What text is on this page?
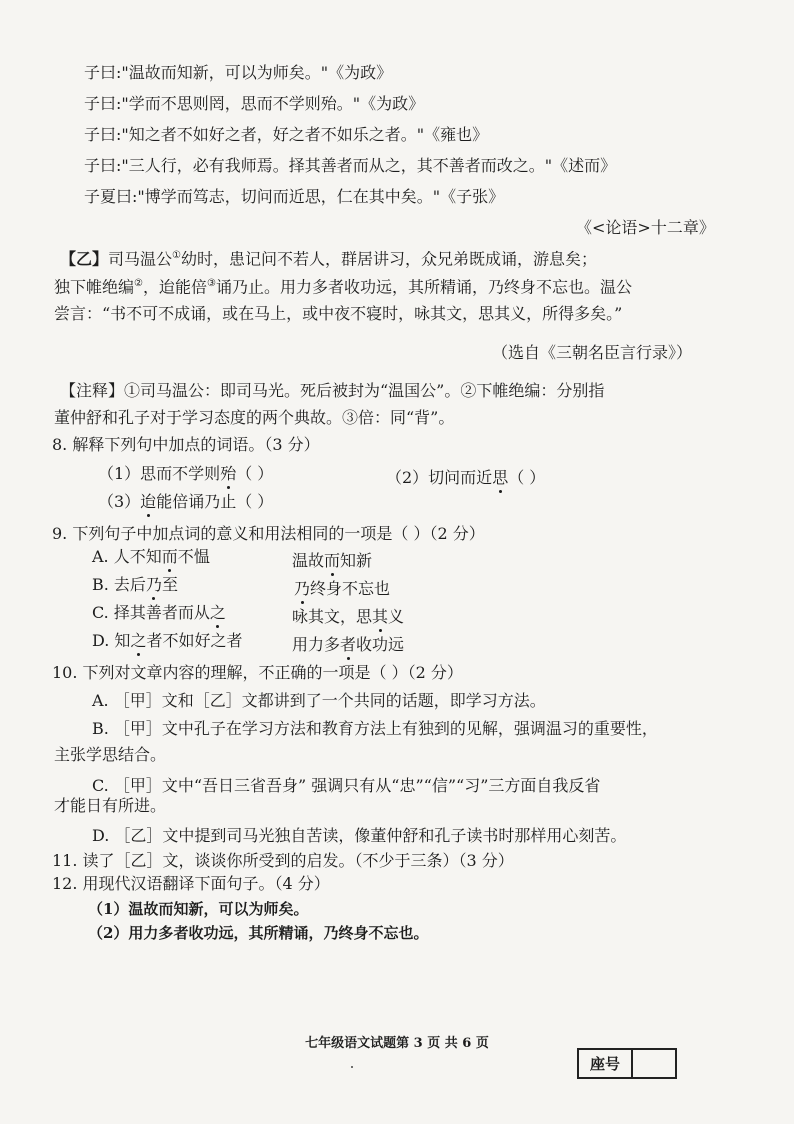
子曰:"温故而知新，可以为师矣。"《为政》
子曰:"学而不思则罔，思而不学则殆。"《为政》
子曰:"知之者不如好之者，好之者不如乐之者。"《雍也》
子曰:"三人行，必有我师焉。择其善者而从之，其不善者而改之。"《述而》
子夏曰:"博学而笃志，切问而近思，仁在其中矣。"《子张》
《<论语>十二章》
【乙】司马温公①幼时，患记问不若人，群居讲习，众兄弟既成诵，游息矣；
独下帷绝编②，迨能倍③诵乃止。用力多者收功远，其所精诵，乃终身不忘也。温公
尝言：“书不可不成诵，或在马上，或中夜不寝时，咏其文，思其义，所得多矣。”
（选自《三朝名臣言行录》）
【注释】①司马温公：即司马光。死后被封为“温国公”。②下帷绝编：分别指
董仲舒和孔子对于学习态度的两个典故。③倍：同“背”。
8. 解释下列句中加点的词语。（3 分）
（1）思而不学则殆（ ）	（2）切问而近思（ ）
（3）迨能倍诵乃止（ ）
9. 下列句子中加点词的意义和用法相同的一项是（ ）（2 分）
A. 人不知而不愠	温故而知新
B. 去后乃至	乃终身不忘也
C. 择其善者而从之	咏其文，思其义
D. 知之者不如好之者	用力多者收功远
10. 下列对文章内容的理解，不正确的一项是（ ）（2 分）
A. ［甲］文和［乙］文都讲到了一个共同的话题，即学习方法。
B. ［甲］文中孔子在学习方法和教育方法上有独到的见解，强调温习的重要性，
主张学思结合。
C. ［甲］文中“吾日三省吾身” 强调只有从“忠”“信”“习”三方面自我反省
才能日有所进。
D. ［乙］文中提到司马光独自苦读，像董仲舒和孔子读书时那样用心刻苦。
11. 读了［乙］文，谈谈你所受到的启发。（不少于三条）（3 分）
12. 用现代汉语翻译下面句子。（4 分）
（1）温故而知新，可以为师矣。
（2）用力多者收功远，其所精诵，乃终身不忘也。
七年级语文试题第 3 页 共 6 页
座号
